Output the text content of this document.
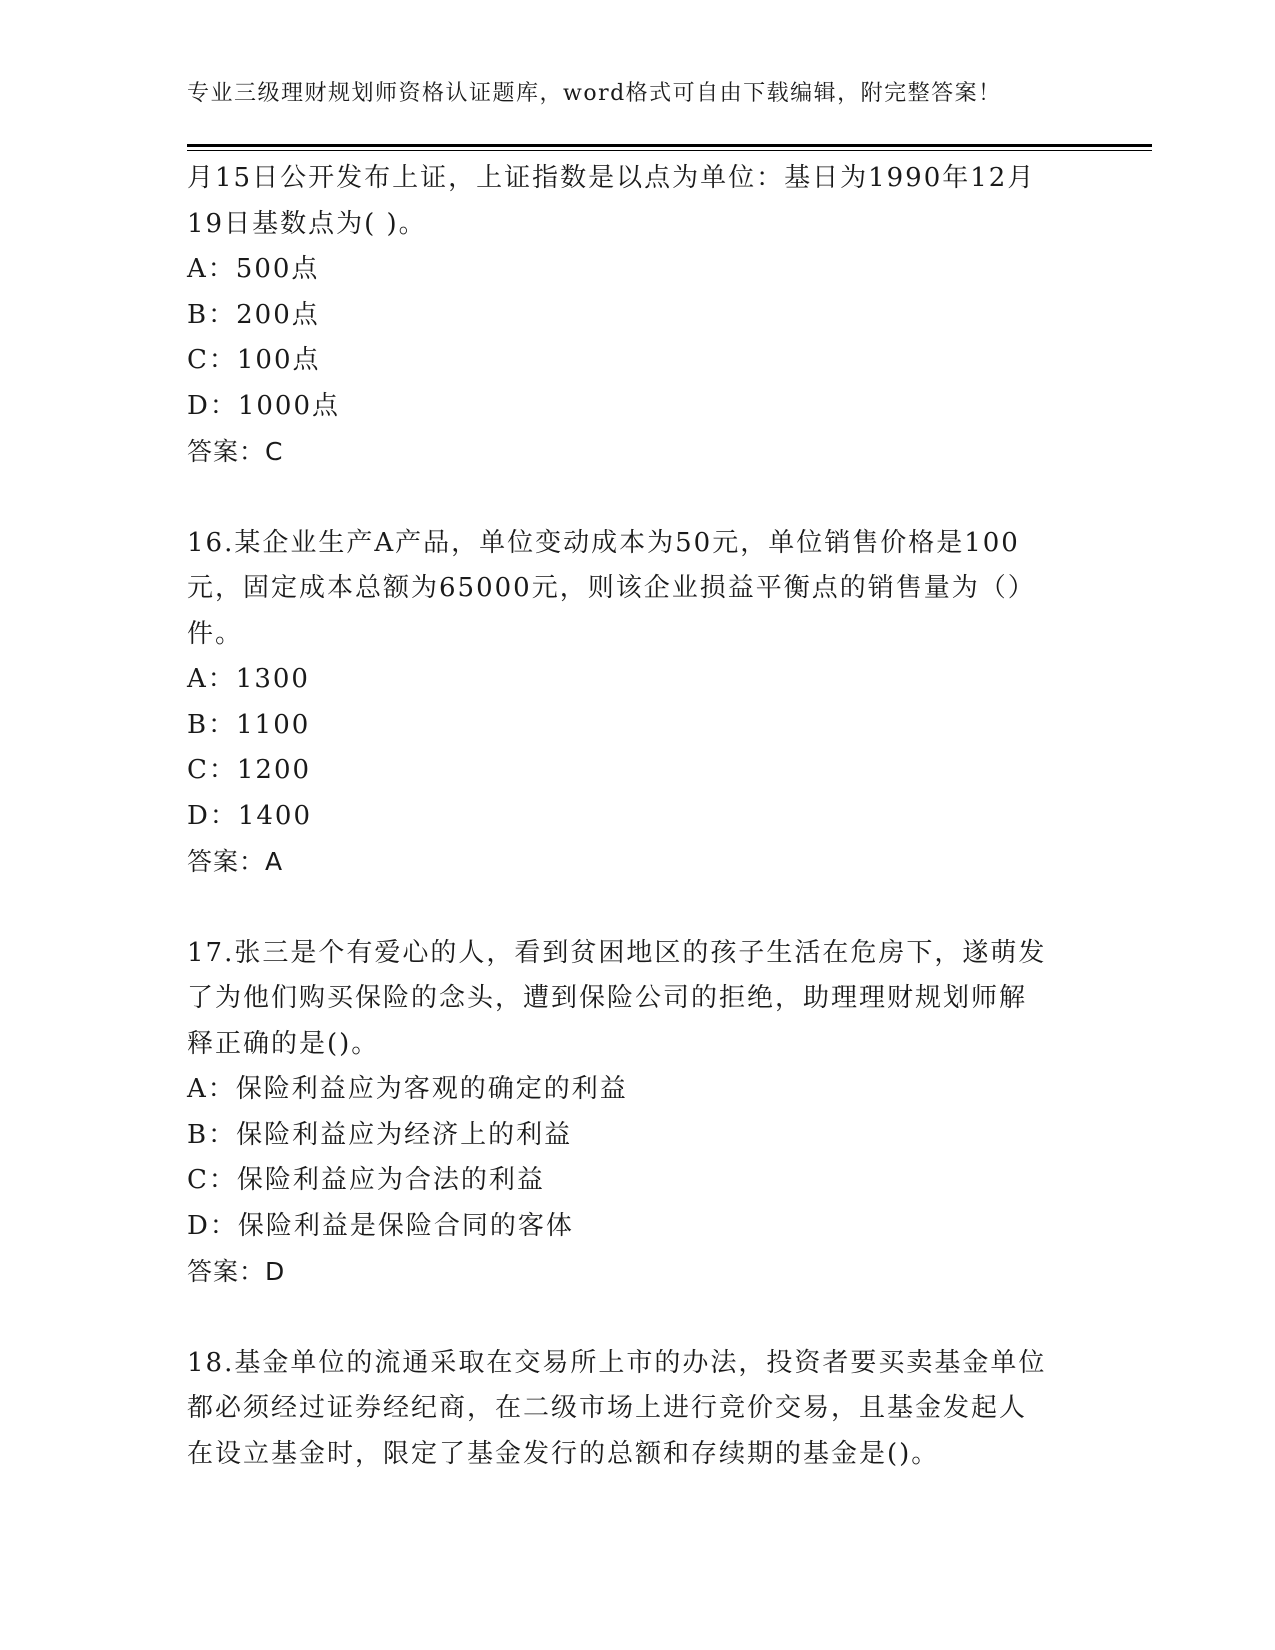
专业三级理财规划师资格认证题库，word格式可自由下载编辑，附完整答案！
月15日公开发布上证，上证指数是以点为单位：基日为1990年12月
19日基数点为( )。
A：500点
B：200点
C：100点
D：1000点
答案：C
16.某企业生产A产品，单位变动成本为50元，单位销售价格是100
元，固定成本总额为65000元，则该企业损益平衡点的销售量为（）
件。
A：1300
B：1100
C：1200
D：1400
答案：A
17.张三是个有爱心的人，看到贫困地区的孩子生活在危房下，遂萌发
了为他们购买保险的念头，遭到保险公司的拒绝，助理理财规划师解
释正确的是()。
A：保险利益应为客观的确定的利益
B：保险利益应为经济上的利益
C：保险利益应为合法的利益
D：保险利益是保险合同的客体
答案：D
18.基金单位的流通采取在交易所上市的办法，投资者要买卖基金单位
都必须经过证券经纪商，在二级市场上进行竞价交易，且基金发起人
在设立基金时，限定了基金发行的总额和存续期的基金是()。
